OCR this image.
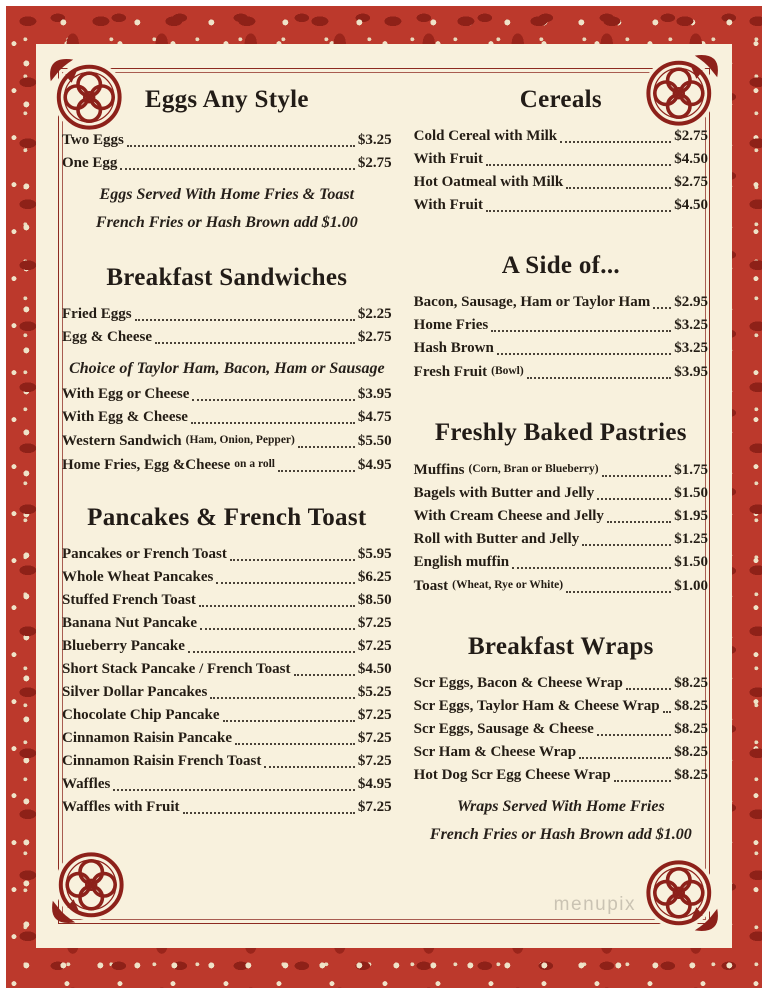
Eggs Any Style
Two Eggs	$3.25
One Egg	$2.75
Eggs Served With Home Fries & Toast
French Fries or Hash Brown add $1.00
Breakfast Sandwiches
Fried Eggs	$2.25
Egg & Cheese	$2.75
Choice of Taylor Ham, Bacon, Ham or Sausage
With Egg or Cheese	$3.95
With Egg & Cheese	$4.75
Western Sandwich (Ham, Onion, Pepper)	$5.50
Home Fries, Egg &Cheese on a roll	$4.95
Pancakes & French Toast
Pancakes or French Toast	$5.95
Whole Wheat Pancakes	$6.25
Stuffed French Toast	$8.50
Banana Nut Pancake	$7.25
Blueberry Pancake	$7.25
Short Stack Pancake / French Toast	$4.50
Silver Dollar Pancakes	$5.25
Chocolate Chip Pancake	$7.25
Cinnamon Raisin Pancake	$7.25
Cinnamon Raisin French Toast	$7.25
Waffles	$4.95
Waffles with Fruit	$7.25
Cereals
Cold Cereal with Milk	$2.75
With Fruit	$4.50
Hot Oatmeal with Milk	$2.75
With Fruit	$4.50
A Side of...
Bacon, Sausage, Ham or Taylor Ham $2.95
Home Fries	$3.25
Hash Brown	$3.25
Fresh Fruit (Bowl)	$3.95
Freshly Baked Pastries
Muffins (Corn, Bran or Blueberry)	$1.75
Bagels with Butter and Jelly	$1.50
With Cream Cheese and Jelly	$1.95
Roll with Butter and Jelly	$1.25
English muffin	$1.50
Toast (Wheat, Rye or White)	$1.00
Breakfast Wraps
Scr Eggs, Bacon & Cheese Wrap	$8.25
Scr Eggs, Taylor Ham & Cheese Wrap $8.25
Scr Eggs, Sausage & Cheese	$8.25
Scr Ham & Cheese Wrap	$8.25
Hot Dog Scr Egg Cheese Wrap	$8.25
Wraps Served With Home Fries
French Fries or Hash Brown add $1.00
menupix
